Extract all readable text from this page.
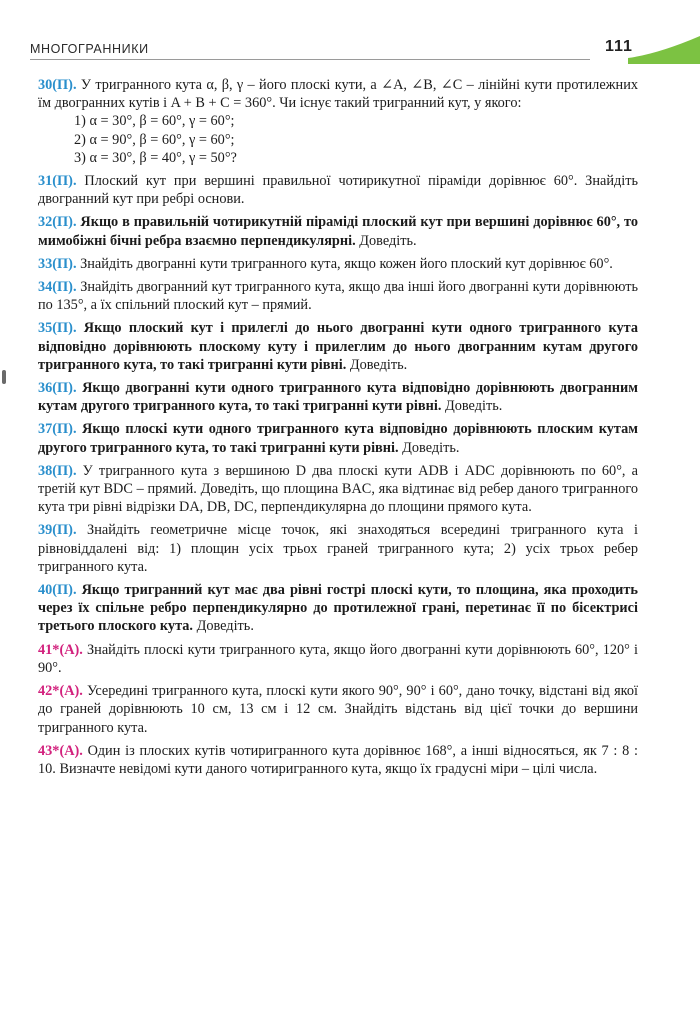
МНОГОГРАННИКИ	111
30(П). У тригранного кута α, β, γ – його плоскі кути, а ∠A, ∠B, ∠C – лінійні кути протилежних їм двогранних кутів і A + B + C = 360°. Чи існує такий тригранний кут, у якого:
1) α = 30°, β = 60°, γ = 60°;
2) α = 90°, β = 60°, γ = 60°;
3) α = 30°, β = 40°, γ = 50°?
31(П). Плоский кут при вершині правильної чотирикутної піраміди дорівнює 60°. Знайдіть двогранний кут при ребрі основи.
32(П). Якщо в правильній чотирикутній піраміді плоский кут при вершині дорівнює 60°, то мимобіжні бічні ребра взаємно перпендикулярні. Доведіть.
33(П). Знайдіть двогранні кути тригранного кута, якщо кожен його плоский кут дорівнює 60°.
34(П). Знайдіть двогранний кут тригранного кута, якщо два інші його двогранні кути дорівнюють по 135°, а їх спільний плоский кут – прямий.
35(П). Якщо плоский кут і прилеглі до нього двогранні кути одного тригранного кута відповідно дорівнюють плоскому куту і прилеглим до нього двогранним кутам другого тригранного кута, то такі тригранні кути рівні. Доведіть.
36(П). Якщо двогранні кути одного тригранного кута відповідно дорівнюють двогранним кутам другого тригранного кута, то такі тригранні кути рівні. Доведіть.
37(П). Якщо плоскі кути одного тригранного кута відповідно дорівнюють плоским кутам другого тригранного кута, то такі тригранні кути рівні. Доведіть.
38(П). У тригранного кута з вершиною D два плоскі кути ADB і ADC дорівнюють по 60°, а третій кут BDC – прямий. Доведіть, що площина BAC, яка відтинає від ребер даного тригранного кута три рівні відрізки DA, DB, DC, перпендикулярна до площини прямого кута.
39(П). Знайдіть геометричне місце точок, які знаходяться всередині тригранного кута і рівновіддалені від: 1) площин усіх трьох граней тригранного кута; 2) усіх трьох ребер тригранного кута.
40(П). Якщо тригранний кут має два рівні гострі плоскі кути, то площина, яка проходить через їх спільне ребро перпендикулярно до протилежної грані, перетинає її по бісектрисі третього плоского кута. Доведіть.
41*(А). Знайдіть плоскі кути тригранного кута, якщо його двогранні кути дорівнюють 60°, 120° і 90°.
42*(А). Усередині тригранного кута, плоскі кути якого 90°, 90° і 60°, дано точку, відстані від якої до граней дорівнюють 10 см, 13 см і 12 см. Знайдіть відстань від цієї точки до вершини тригранного кута.
43*(А). Один із плоских кутів чотиригранного кута дорівнює 168°, а інші відносяться, як 7 : 8 : 10. Визначте невідомі кути даного чотиригранного кута, якщо їх градусні міри – цілі числа.
